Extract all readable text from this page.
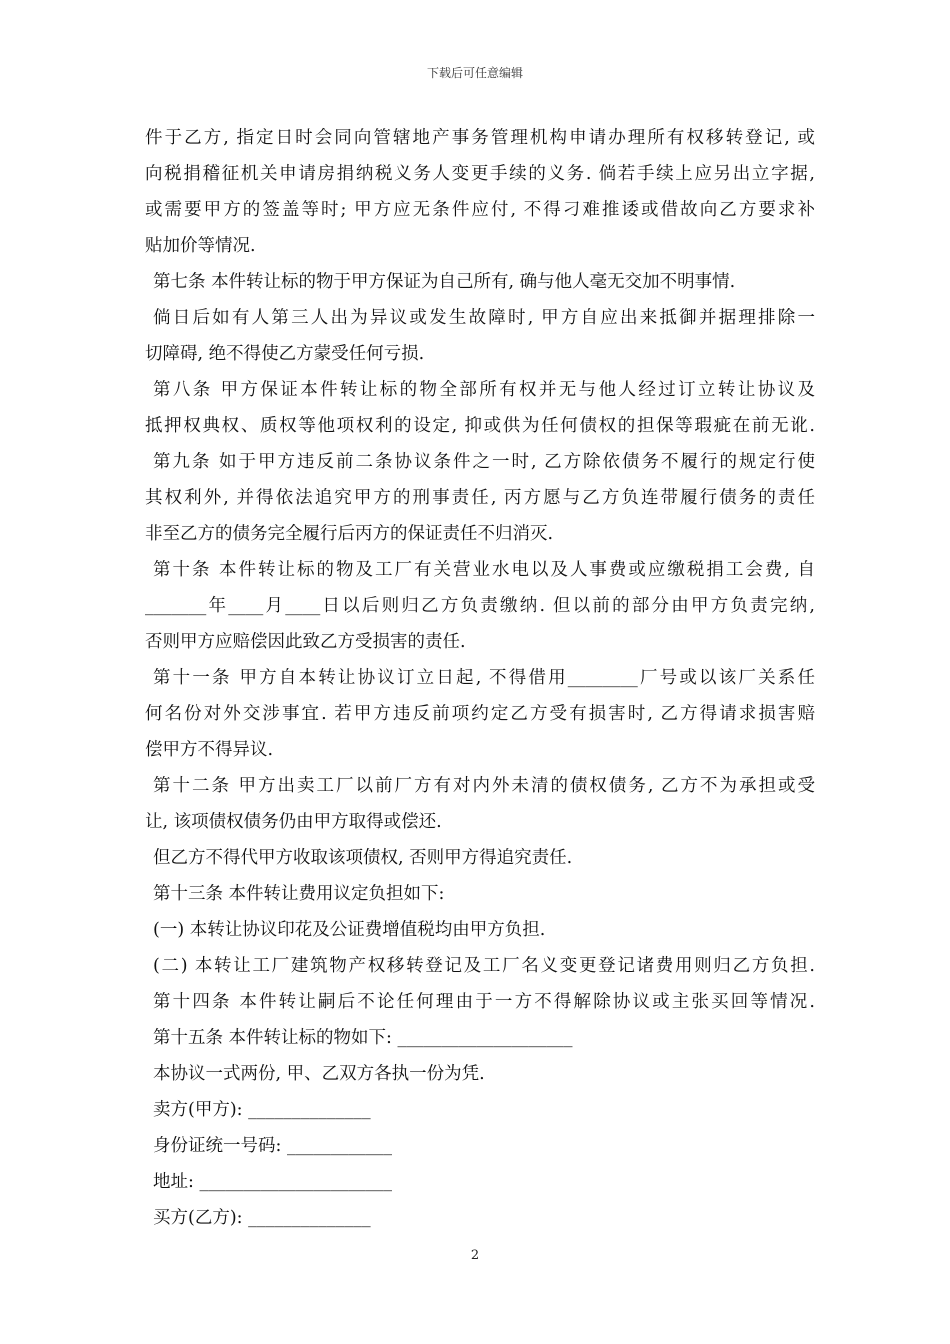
下载后可任意编辑
件于乙方, 指定日时会同向管辖地产事务管理机构申请办理所有权移转登记, 或
向税捐稽征机关申请房捐纳税义务人变更手续的义务. 倘若手续上应另出立字据,
或需要甲方的签盖等时; 甲方应无条件应付, 不得刁难推诿或借故向乙方要求补
贴加价等情况.
第七条 本件转让标的物于甲方保证为自己所有, 确与他人毫无交加不明事情.
倘日后如有人第三人出为异议或发生故障时, 甲方自应出来抵御并据理排除一
切障碍, 绝不得使乙方蒙受任何亏损.
第八条 甲方保证本件转让标的物全部所有权并无与他人经过订立转让协议及
抵押权典权、质权等他项权利的设定, 抑或供为任何债权的担保等瑕疵在前无讹.
第九条 如于甲方违反前二条协议条件之一时, 乙方除依债务不履行的规定行使
其权利外, 并得依法追究甲方的刑事责任, 丙方愿与乙方负连带履行债务的责任
非至乙方的债务完全履行后丙方的保证责任不归消灭.
第十条 本件转让标的物及工厂有关营业水电以及人事费或应缴税捐工会费, 自
_______年____月____日以后则归乙方负责缴纳. 但以前的部分由甲方负责完纳,
否则甲方应赔偿因此致乙方受损害的责任.
第十一条 甲方自本转让协议订立日起, 不得借用________厂号或以该厂关系任
何名份对外交涉事宜. 若甲方违反前项约定乙方受有损害时, 乙方得请求损害赔
偿甲方不得异议.
第十二条 甲方出卖工厂以前厂方有对内外未清的债权债务, 乙方不为承担或受
让, 该项债权债务仍由甲方取得或偿还.
但乙方不得代甲方收取该项债权, 否则甲方得追究责任.
第十三条 本件转让费用议定负担如下:
(一) 本转让协议印花及公证费增值税均由甲方负担.
(二) 本转让工厂建筑物产权移转登记及工厂名义变更登记诸费用则归乙方负担.
第十四条 本件转让嗣后不论任何理由于一方不得解除协议或主张买回等情况.
第十五条 本件转让标的物如下: ____________________
本协议一式两份, 甲、乙双方各执一份为凭.
卖方(甲方): ______________
身份证统一号码: ____________
地址: ______________________
买方(乙方): ______________
2
